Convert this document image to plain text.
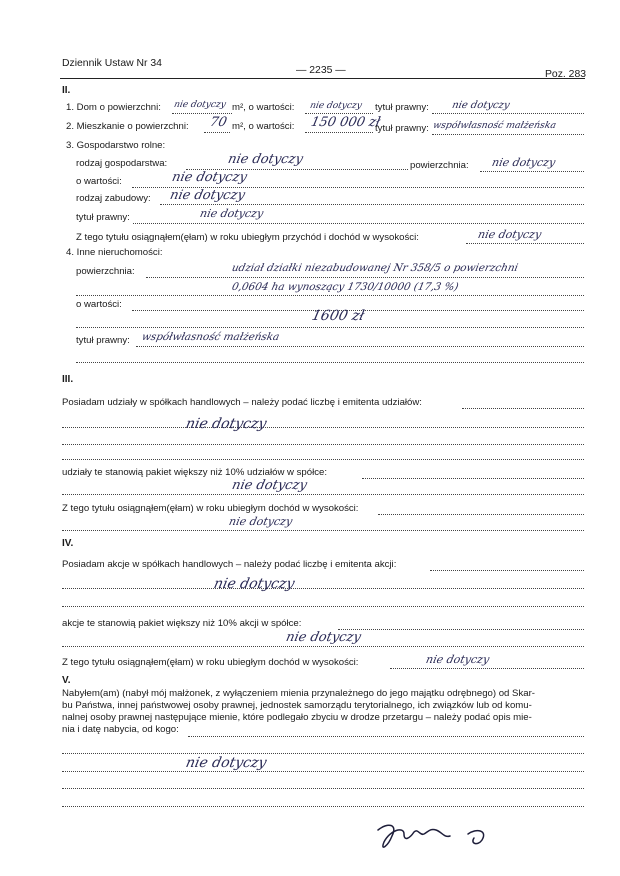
Dziennik Ustaw Nr 34
— 2235 —	Poz. 283
II.
1. Dom o powierzchni: nie dotyczy m², o wartości: nie dotyczy tytuł prawny: nie dotyczy
2. Mieszkanie o powierzchni: 70 m², o wartości: 150 000 zł
tytuł prawny: współwłasność małżeńska
3. Gospodarstwo rolne:
rodzaj gospodarstwa:	nie dotyczy	powierzchnia: nie dotyczy
o wartości:	nie dotyczy
rodzaj zabudowy: nie dotyczy
tytuł prawny:	nie dotyczy
Z tego tytułu osiągnąłem(ęłam) w roku ubiegłym przychód i dochód w wysokości:	nie dotyczy
4. Inne nieruchomości:
powierzchnia:	udział działki niezabudowanej Nr 358/5 o powierzchni
0,0604 ha wynoszący 1730/10000 (17,3 %)
o wartości:
1600 zł
tytuł prawny: współwłasność małżeńska
III.
Posiadam udziały w spółkach handlowych – należy podać liczbę i emitenta udziałów:
nie dotyczy
udziały te stanowią pakiet większy niż 10% udziałów w spółce:
nie dotyczy
Z tego tytułu osiągnąłem(ęłam) w roku ubiegłym dochód w wysokości:
nie dotyczy
IV.
Posiadam akcje w spółkach handlowych – należy podać liczbę i emitenta akcji:
nie dotyczy
akcje te stanowią pakiet większy niż 10% akcji w spółce:
nie dotyczy
Z tego tytułu osiągnąłem(ęłam) w roku ubiegłym dochód w wysokości:	nie dotyczy
V.
Nabyłem(am) (nabył mój małżonek, z wyłączeniem mienia przynależnego do jego majątku odrębnego) od Skar-
bu Państwa, innej państwowej osoby prawnej, jednostek samorządu terytorialnego, ich związków lub od komu-
nalnej osoby prawnej następujące mienie, które podlegało zbyciu w drodze przetargu – należy podać opis mie-
nia i datę nabycia, od kogo:
nie dotyczy
